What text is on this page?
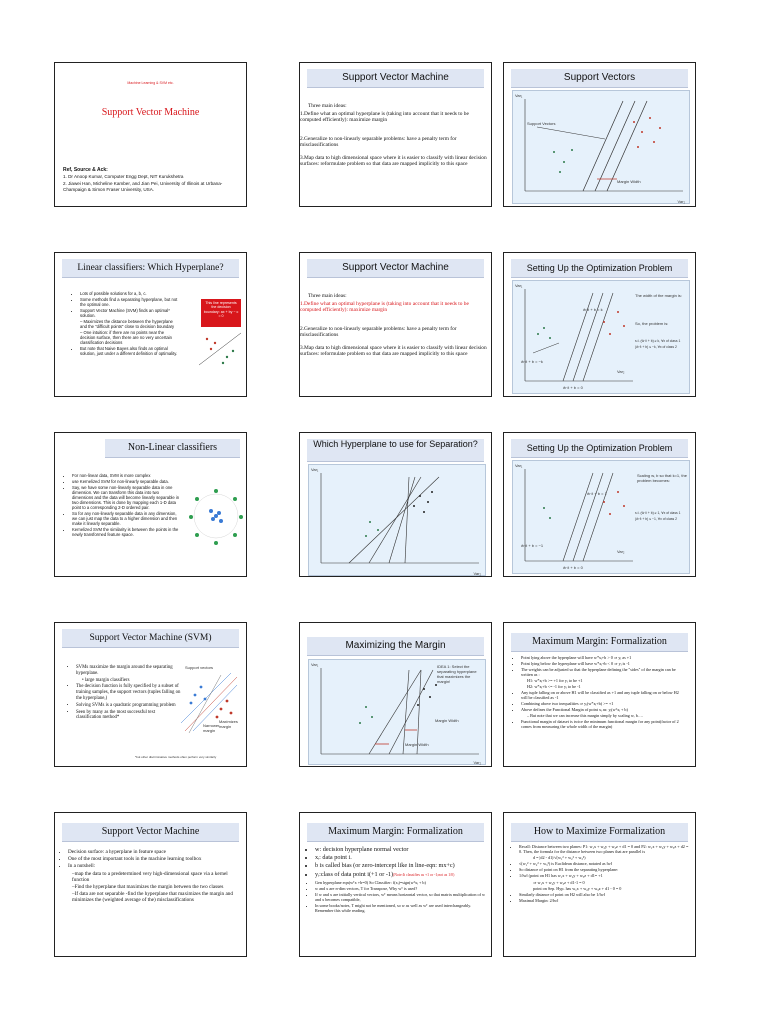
Machine Learning & SVM etc.
Support Vector Machine
Ref, Source & Ack:
1. Dr Anoop Kumar, Computer Engg Dept, NIT Kurukshetra
2. Jiawei Han, Micheline Kamber, and Jian Pei, University of Illinois at Urbana-Champaign & Simon Fraser University, USA.
Support Vector Machine
Three main ideas:
1.Define what an optimal hyperplane is (taking into account that it needs to be computed efficiently): maximize margin
2.Generalize to non-linearly separable problems: have a penalty term for misclassifications
3.Map data to high dimensional space where it is easier to classify with linear decision surfaces: reformulate problem so that data are mapped implicitly to this space
Support Vectors
Var₁
Var₂
Support Vectors
Margin Width
Linear classifiers: Which Hyperplane?
• Lots of possible solutions for a, b, c.
• Some methods find a separating hyperplane, but not the optimal one.
• Support Vector Machine (SVM) finds an optimal* solution.
– Maximizes the distance between the hyperplane and the "difficult points" close to decision boundary
– One intuition: if there are no points near the decision surface, then there are no very uncertain classification decisions
• But note that Naive Bayes also finds an optimal solution, just under a different definition of optimality.
This line represents the decision boundary: ax + by − c = 0
Support Vector Machine
Three main ideas:
1.Define what an optimal hyperplane is (taking into account that it needs to be computed efficiently): maximize margin
2.Generalize to non-linearly separable problems: have a penalty term for misclassifications
3.Map data to high dimensional space where it is easier to classify with linear decision surfaces: reformulate problem so that data are mapped implicitly to this space
Setting Up the Optimization Problem
Var₁
Var₂
w̄·x̄ + b = k
w̄·x̄ + b = −k
w̄·x̄ + b = 0
The width of the margin is:
So, the problem is:
s.t. (w̄·x̄ + b) ≥ k, ∀x of class 1
(w̄·x̄ + b) ≤ −k, ∀x of class 2
Non-Linear classifiers
• For non-linear data, SVM is more complex
• use Kernelized SVM for non-linearly separable data.
• Say, we have some non-linearly separable data in one dimension. We can transform this data into two dimensions and the data will become linearly separable in two dimensions. This is done by mapping each 1-D data point to a corresponding 2-D ordered pair.
• So for any non-linearly separable data in any dimension, we can just map the data to a higher dimension and then make it linearly separable.
• Kernelized SVM the similarity is between the points in the newly transformed feature space.
Which Hyperplane to use for Separation?
Var₁
Var₂
Setting Up the Optimization Problem
Var₁
Var₂
w̄·x̄ + b = 1
w̄·x̄ + b = −1
w̄·x̄ + b = 0
Scaling w, b so that k=1, the problem becomes:
s.t. (w̄·x̄ + b) ≥ 1, ∀x of class 1
(w̄·x̄ + b) ≤ −1, ∀x of class 2
Support Vector Machine (SVM)
• SVMs maximize the margin around the separating hyperplane.
• large margin classifiers
• The decision function is fully specified by a subset of training samples, the support vectors (tuples falling on the hyperplane,)
• Solving SVMs is a quadratic programming problem
• Seen by many as the most successful text classification method*
Support vectors
Maximizes margin
Narrower margin
*but other discriminative methods often perform very similarly
Maximizing the Margin
Var₁
Var₂
IDEA 1: Select the separating hyperplane that maximizes the margin!
Margin Width
Margin Width
Maximum Margin: Formalization
• Point lying above the hyperplane will have w*xᵢ+b > 0 ⇒ yᵢ as +1
• Point lying below the hyperplane will have w*xᵢ+b < 0 ⇒ yᵢ is -1
• The weights can be adjusted so that the hyperplane defining the "sides" of the margin can be written as :
H1: w*xᵢ+b >= +1 for yᵢ to be +1
H2: w*xᵢ+b <= -1 for yᵢ to be -1
• Any tuple falling on or above H1 will be classified as +1 and any tuple falling on or below H2 will be classified as -1
• Combining above two inequalities ⇒ yᵢ(w*xᵢ+b) >= +1
• Above defines the Functional Margin of point xᵢ as: yᵢ(wᵀxᵢ + b)
– But note that we can increase this margin simply by scaling w, b….
• Functional margin of dataset is twice the minimum functional margin for any point(factor of 2 comes from measuring the whole width of the margin)
Support Vector Machine
• Decision surface: a hyperplane in feature space
• One of the most important tools in the machine learning toolbox
• In a nutshell:
–map the data to a predetermined very high-dimensional space via a kernel function
–Find the hyperplane that maximizes the margin between the two classes
–If data are not separable -find the hyperplane that maximizes the margin and minimizes the (weighted average of the) misclassifications
Maximum Margin: Formalization
• w: decision hyperplane normal vector
• xᵢ: data point i.
• b is called bias (or zero-intercept like in line-eqn: mx+c)
• yᵢ:class of data point i(+1 or -1)(Note:It classifies as +1 or -1;not as 1/0)
• Gen hyperplane eqn(wᵀx +b=0) So Classifier: f(xᵢ)=sign(wᵀxᵢ + b)
• w and x are n-dim vectors, T for Transpose, Why wᵀ is used?
• If w and x are initially vertical vectors, wᵀ means horizontal vector, so that matrix multiplication of w and x becomes compatible,
• In some books/notes, T might not be mentioned, so w as well as wᵀ are used interchangeably. Remember this while reading.
How to Maximize Formalization
• Recall: Distance between two planes: P1: w₁x + w₂y + w₃z + d1 = 0 and P2: w₁x + w₂y + w₃z + d2 = 0. Then, the formula for the distance between two planes that are parallel is
d = |d2 - d1|/√(w₁² + w₂² + w₃²)
• √(w₁² + w₂² + w₃²) is Euclidean distance, notated as ‖w‖
• So distance of point on H1 from the separating hyperplane:
• 1/‖w‖ (point on H1 has w₁x + w₂y + w₃z + d1= +1
⇒ w₁x + w₂y + w₃z + d1-1 = 0
point on Sep. Hyp. has w₁x + w₂y + w₃z + d1 - 0 = 0
• Similarly distance of point on H2 will also be 1/‖w‖
• Maximal Margin: 2/‖w‖
